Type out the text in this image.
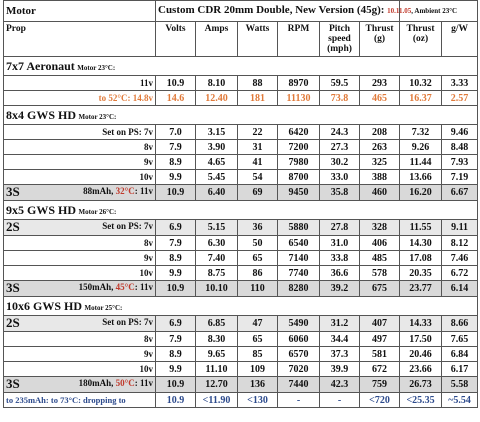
Motor	Custom CDR 20mm Double, New Version (45g): 10.11.05, Ambient 23°C							
Prop	Volts	Amps	Watts	RPM	Pitch speed (mph)	Thrust (g)	Thrust (oz)	g/W
7x7 Aeronaut Motor 23°C:								
11v	10.9	8.10	88	8970	59.5	293	10.32	3.33
to 52°C: 14.8v	14.6	12.40	181	11130	73.8	465	16.37	2.57
8x4 GWS HD Motor 23°C:								
Set on PS: 7v	7.0	3.15	22	6420	24.3	208	7.32	9.46
8v	7.9	3.90	31	7200	27.3	263	9.26	8.48
9v	8.9	4.65	41	7980	30.2	325	11.44	7.93
10v	9.9	5.45	54	8700	33.0	388	13.66	7.19
3S 88mAh, 32°C: 11v	10.9	6.40	69	9450	35.8	460	16.20	6.67
9x5 GWS HD Motor 26°C:								
2S Set on PS: 7v	6.9	5.15	36	5880	27.8	328	11.55	9.11
8v	7.9	6.30	50	6540	31.0	406	14.30	8.12
9v	8.9	7.40	65	7140	33.8	485	17.08	7.46
10v	9.9	8.75	86	7740	36.6	578	20.35	6.72
3S 150mAh, 45°C: 11v	10.9	10.10	110	8280	39.2	675	23.77	6.14
10x6 GWS HD Motor 25°C:								
2S Set on PS: 7v	6.9	6.85	47	5490	31.2	407	14.33	8.66
8v	7.9	8.30	65	6060	34.4	497	17.50	7.65
9v	8.9	9.65	85	6570	37.3	581	20.46	6.84
10v	9.9	11.10	109	7020	39.9	672	23.66	6.17
3S 180mAh, 50°C: 11v	10.9	12.70	136	7440	42.3	759	26.73	5.58
to 235mAh: to 73°C: dropping to	10.9	<11.90	<130	-	-	<720	<25.35	~5.54
